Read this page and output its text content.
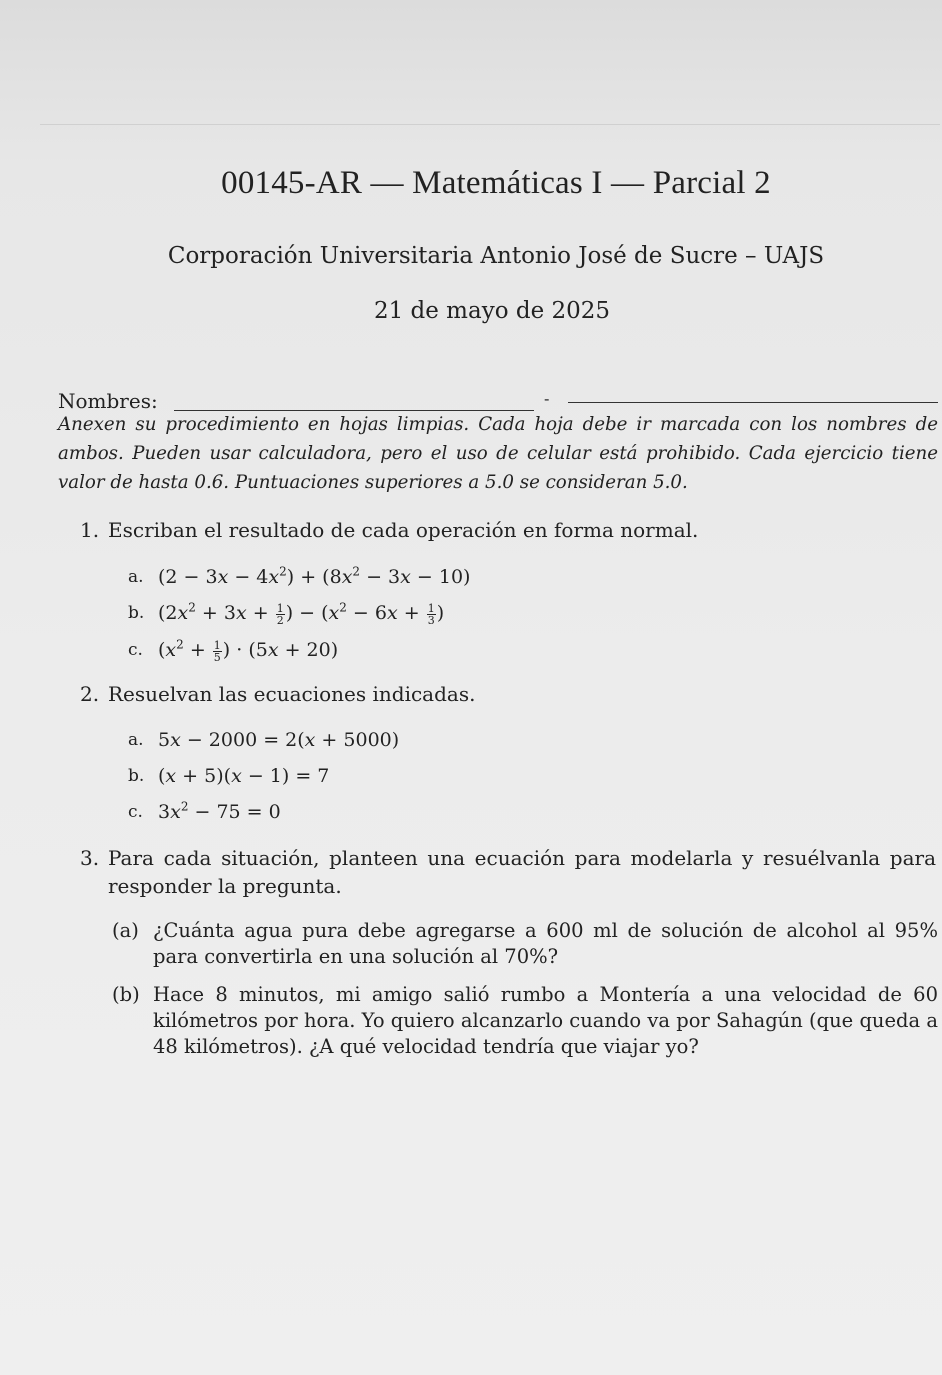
00145-AR — Matemáticas I — Parcial 2
Corporación Universitaria Antonio José de Sucre – UAJS
21 de mayo de 2025
Nombres:	-
Anexen su procedimiento en hojas limpias. Cada hoja debe ir marcada con los nombres de ambos. Pueden usar calculadora, pero el uso de celular está prohibido. Cada ejercicio tiene valor de hasta 0.6. Puntuaciones superiores a 5.0 se consideran 5.0.
1. Escriban el resultado de cada operación en forma normal.
a. $(2 - 3x - 4x^2) + (8x^2 - 3x - 10)$
b. ($2x^2 + 3x + \frac{1}{2}$ ) − ($x^2 - 6x + \frac{1}{3}$ )
c. ($x^2 + \frac{1}{5}$ ) · (5x + 20)
2. Resuelvan las ecuaciones indicadas.
a. 5x − 2000 = 2(x + 5000)
b. (x + 5)(x − 1) = 7
c. $3x^2 - 75 = 0$
3. Para cada situación, planteen una ecuación para modelarla y resuélvanla para responder la pregunta.
(a) ¿Cuánta agua pura debe agregarse a 600 ml de solución de alcohol al 95% para convertirla en una solución al 70%?
(b) Hace 8 minutos, mi amigo salió rumbo a Montería a una velocidad de 60 kilómetros por hora. Yo quiero alcanzarlo cuando va por Sahagún (que queda a 48 kilómetros). ¿A qué velocidad tendría que viajar yo?
